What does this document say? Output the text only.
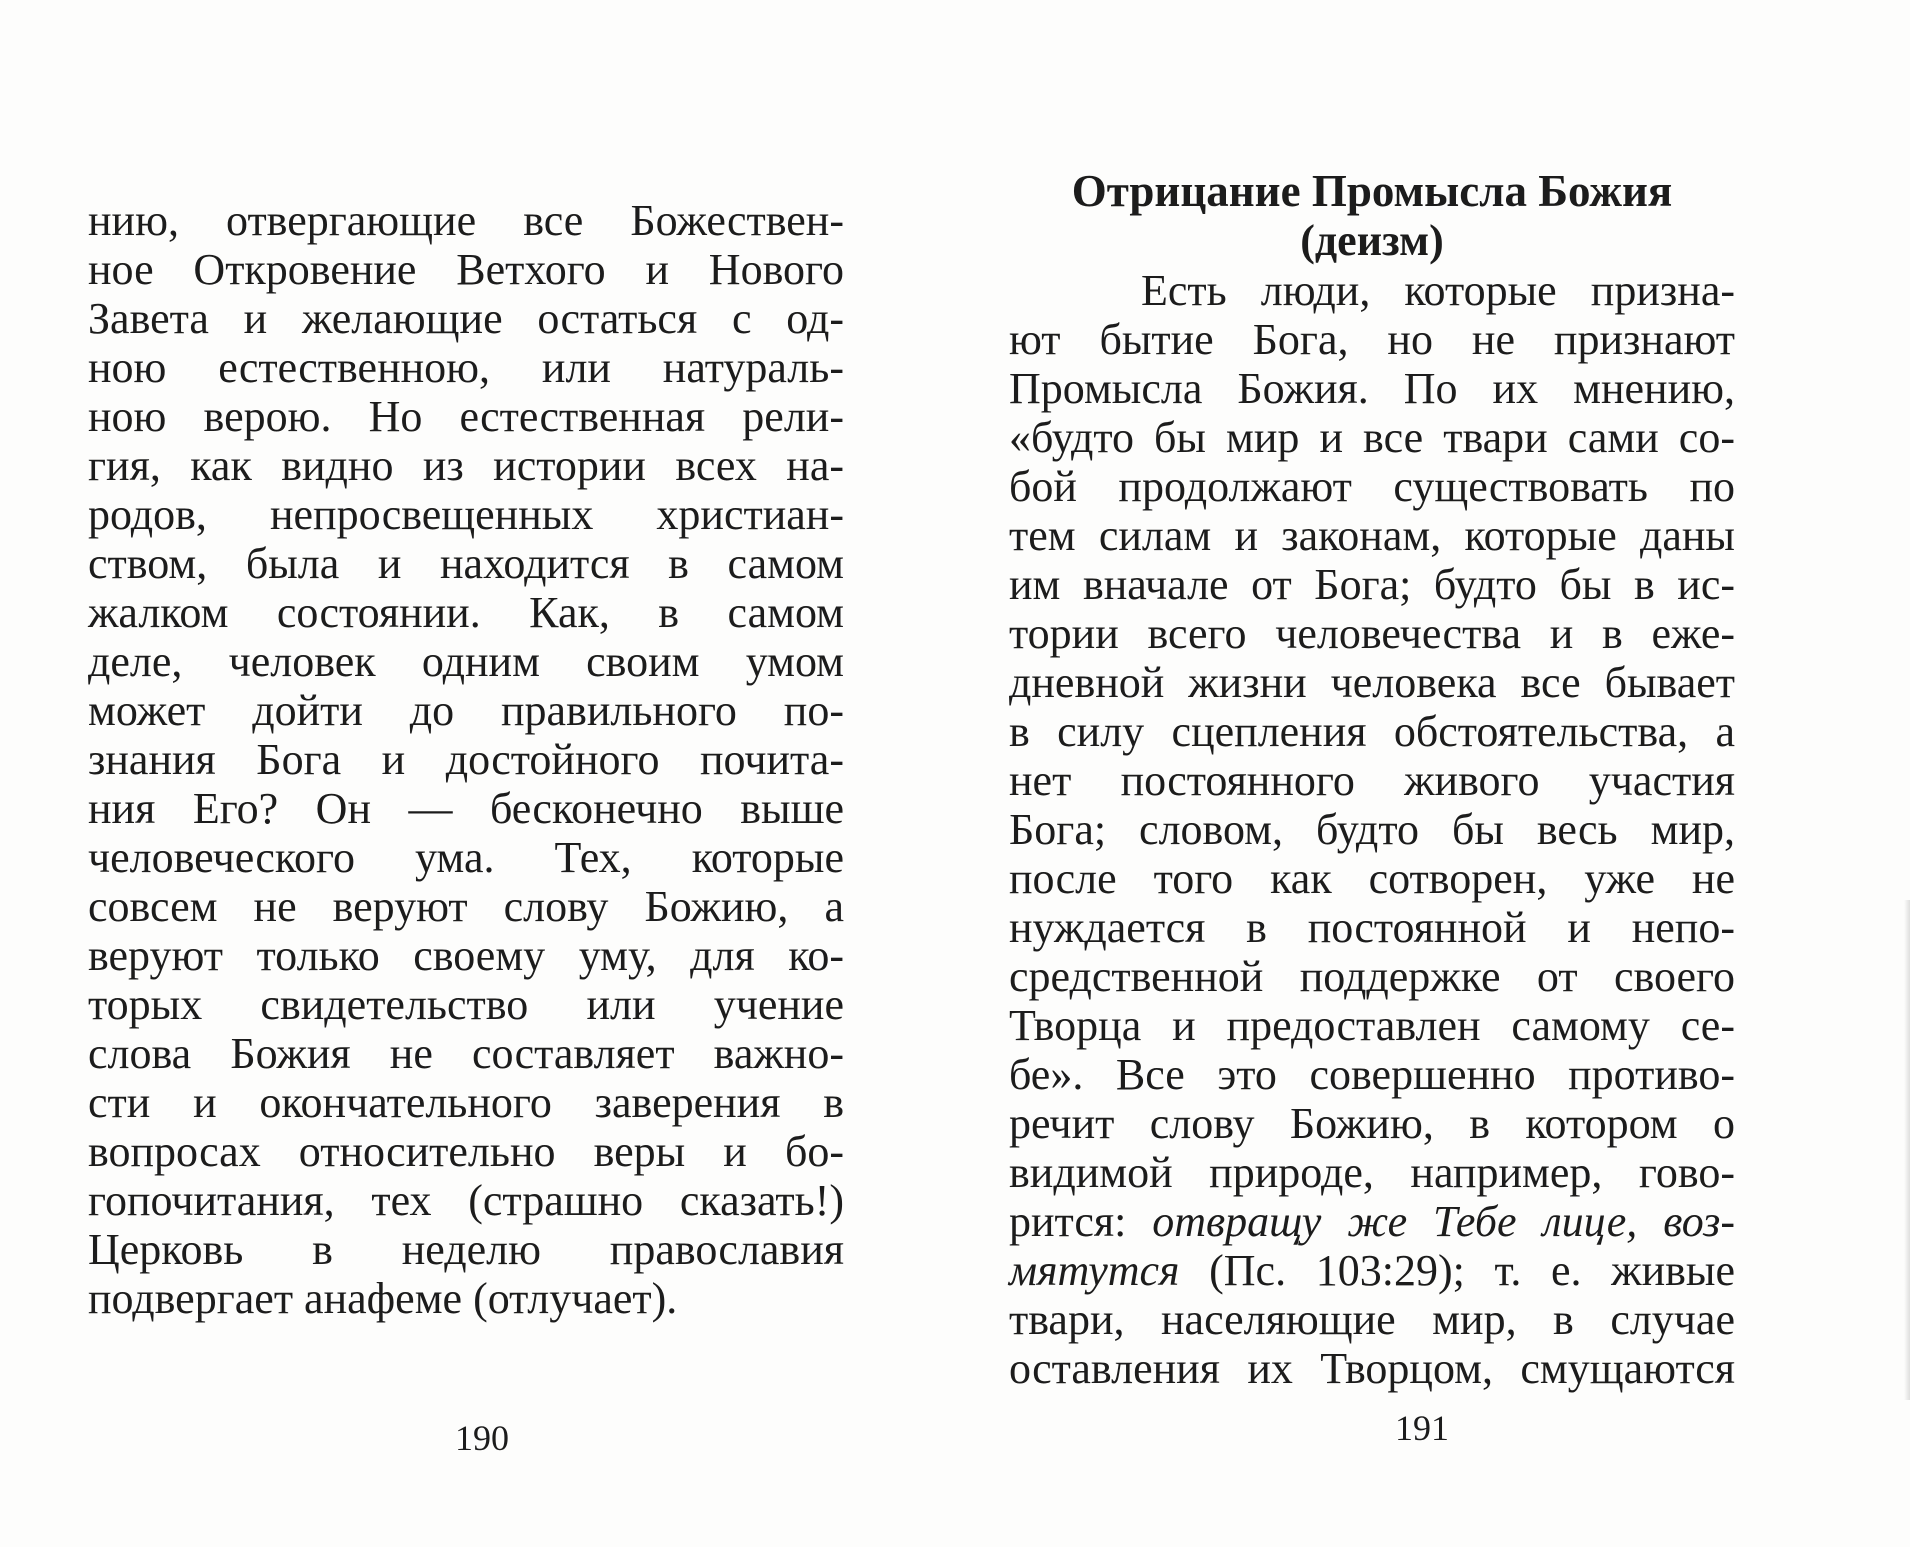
нию, отвергающие все Божествен-
ное Откровение Ветхого и Нового
Завета и желающие остаться с од-
нoю естественною, или натураль-
ною верою. Но естественная рели-
гия, как видно из истории всех на-
родов, непросвещенных христиан-
ством, была и находится в самом
жалком состоянии. Как, в самом
деле, человек одним своим умом
может дойти до правильного по-
знания Бога и достойного почита-
ния Его? Он — бесконечно выше
человеческого ума. Тех, которые
совсем не веруют слову Божию, а
веруют только своему уму, для ко-
торых свидетельство или учение
слова Божия не составляет важно-
сти и окончательного заверения в
вопросах относительно веры и бо-
гопочитания, тех (страшно сказать!)
Церковь в неделю православия
подвергает анафеме (отлучает).
190
Отрицание Промысла Божия
(деизм)
Есть люди, которые призна-
ют бытие Бога, но не признают
Промысла Божия. По их мнению,
«будто бы мир и все твари сами со-
бой продолжают существовать по
тем силам и законам, которые даны
им вначале от Бога; будто бы в ис-
тории всего человечества и в еже-
дневной жизни человека все бывает
в силу сцепления обстоятельства, а
нет постоянного живого участия
Бога; словом, будто бы весь мир,
после того как сотворен, уже не
нуждается в постоянной и непо-
средственной поддержке от своего
Творца и предоставлен самому се-
бе». Все это совершенно противо-
речит слову Божию, в котором о
видимой природе, например, гово-
рится: отвращу же Тебе лице, воз-
мятутся (Пс. 103:29); т. е. живые
твари, населяющие мир, в случае
оставления их Творцом, смущаются
191
